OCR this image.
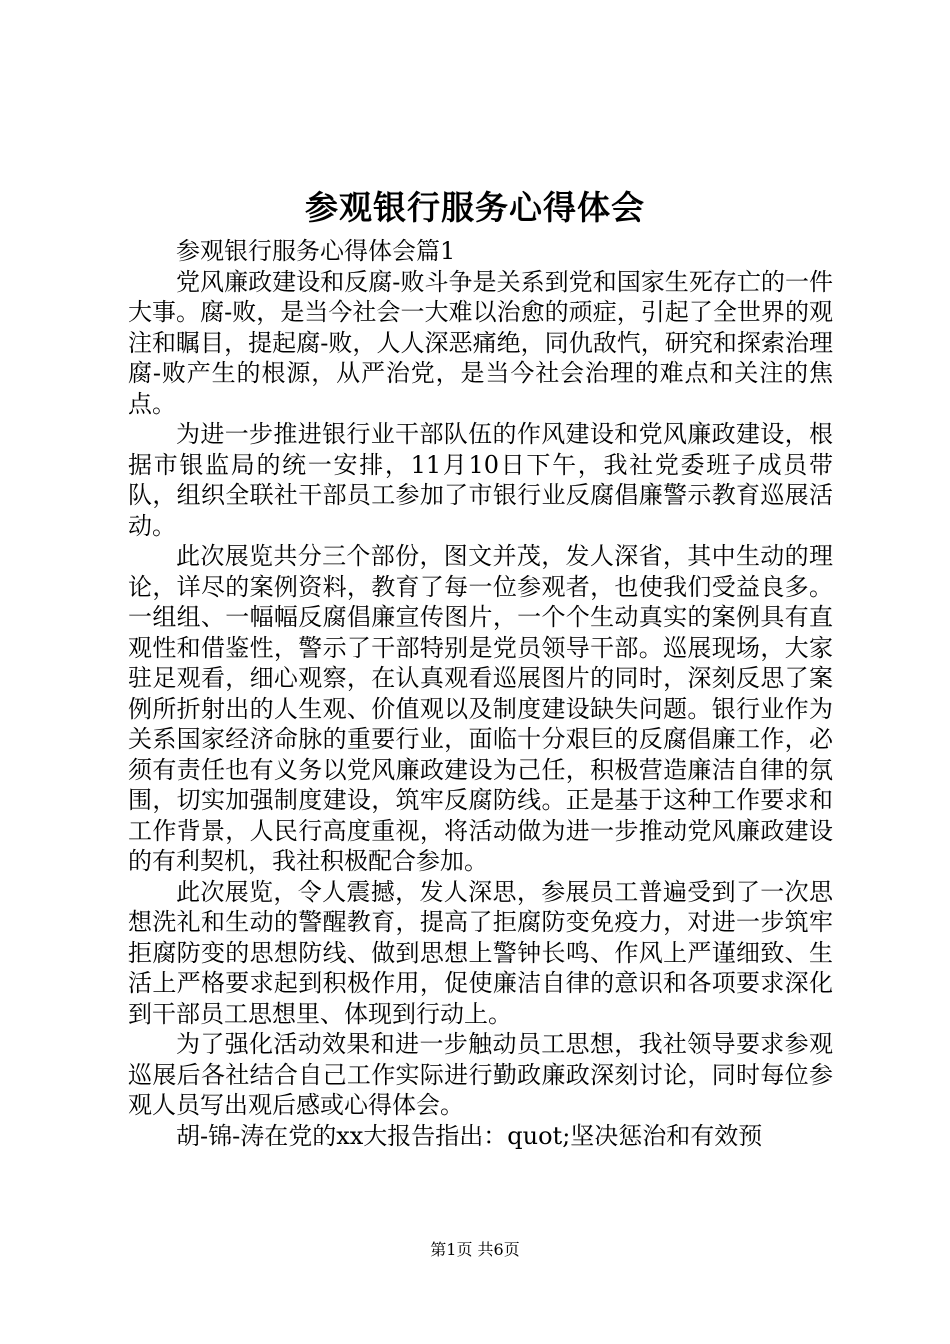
参观银行服务心得体会

参观银行服务心得体会篇1

党风廉政建设和反腐-败斗争是关系到党和国家生死存亡的一件大事。腐-败，是当今社会一大难以治愈的顽症，引起了全世界的观注和瞩目，提起腐-败，人人深恶痛绝，同仇敌忾，研究和探索治理腐-败产生的根源，从严治党，是当今社会治理的难点和关注的焦点。

为进一步推进银行业干部队伍的作风建设和党风廉政建设，根据市银监局的统一安排，11月10日下午，我社党委班子成员带队，组织全联社干部员工参加了市银行业反腐倡廉警示教育巡展活动。

此次展览共分三个部份，图文并茂，发人深省，其中生动的理论，详尽的案例资料，教育了每一位参观者，也使我们受益良多。一组组、一幅幅反腐倡廉宣传图片，一个个生动真实的案例具有直观性和借鉴性，警示了干部特别是党员领导干部。巡展现场，大家驻足观看，细心观察，在认真观看巡展图片的同时，深刻反思了案例所折射出的人生观、价值观以及制度建设缺失问题。银行业作为关系国家经济命脉的重要行业，面临十分艰巨的反腐倡廉工作，必须有责任也有义务以党风廉政建设为己任，积极营造廉洁自律的氛围，切实加强制度建设，筑牢反腐防线。正是基于这种工作要求和工作背景，人民行高度重视，将活动做为进一步推动党风廉政建设的有利契机，我社积极配合参加。

此次展览，令人震撼，发人深思，参展员工普遍受到了一次思想洗礼和生动的警醒教育，提高了拒腐防变免疫力，对进一步筑牢拒腐防变的思想防线、做到思想上警钟长鸣、作风上严谨细致、生活上严格要求起到积极作用，促使廉洁自律的意识和各项要求深化到干部员工思想里、体现到行动上。

为了强化活动效果和进一步触动员工思想，我社领导要求参观巡展后各社结合自己工作实际进行勤政廉政深刻讨论，同时每位参观人员写出观后感或心得体会。

胡-锦-涛在党的xx大报告指出：quot;坚决惩治和有效预

第1页 共6页
